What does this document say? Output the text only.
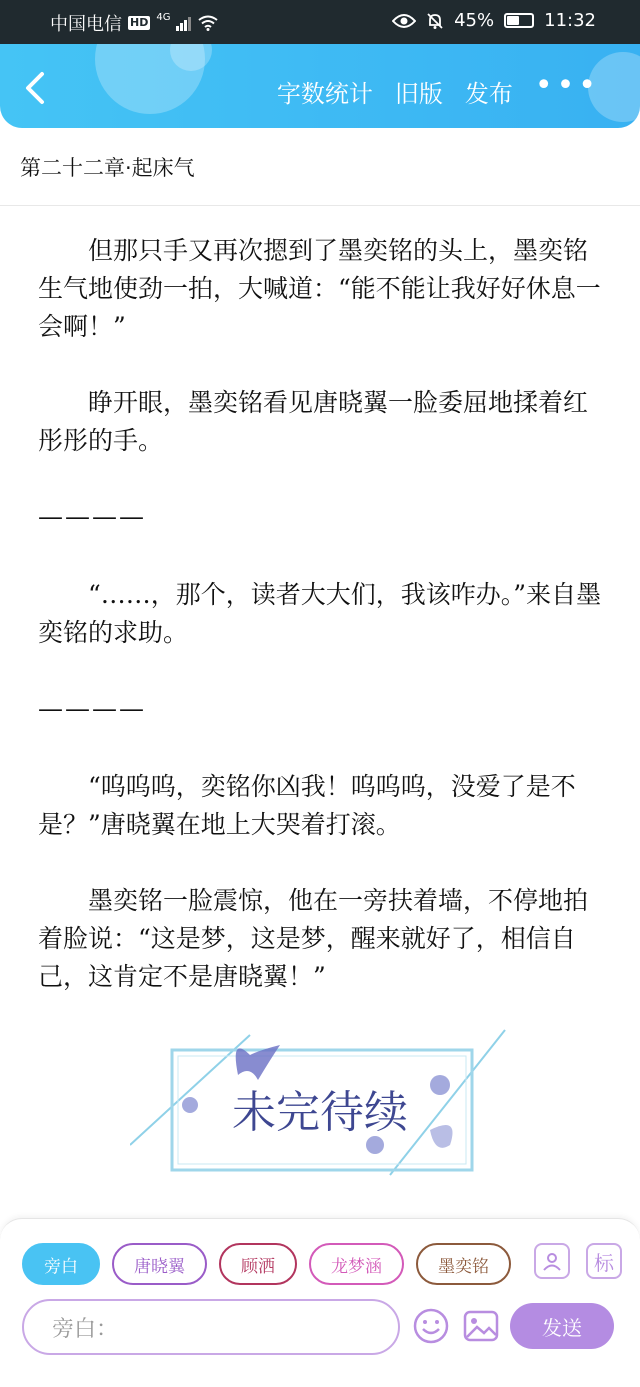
中国电信 HD 4G	45%	11:32
字数统计 旧版 发布 •••
第二十二章·起床气

但那只手又再次摁到了墨奕铭的头上，墨奕铭生气地使劲一拍，大喊道：“能不能让我好好休息一会啊！”

睁开眼，墨奕铭看见唐晓翼一脸委屈地揉着红彤彤的手。

————

“……，那个，读者大大们，我该咋办。”来自墨奕铭的求助。

————

“呜呜呜，奕铭你凶我！呜呜呜，没爱了是不是？”唐晓翼在地上大哭着打滚。

墨奕铭一脸震惊，他在一旁扶着墙，不停地拍着脸说：“这是梦，这是梦，醒来就好了，相信自己，这肯定不是唐晓翼！”

未完待续
旁白	唐晓翼	顾洒	龙梦涵	墨奕铭	标
旁白：	发送
